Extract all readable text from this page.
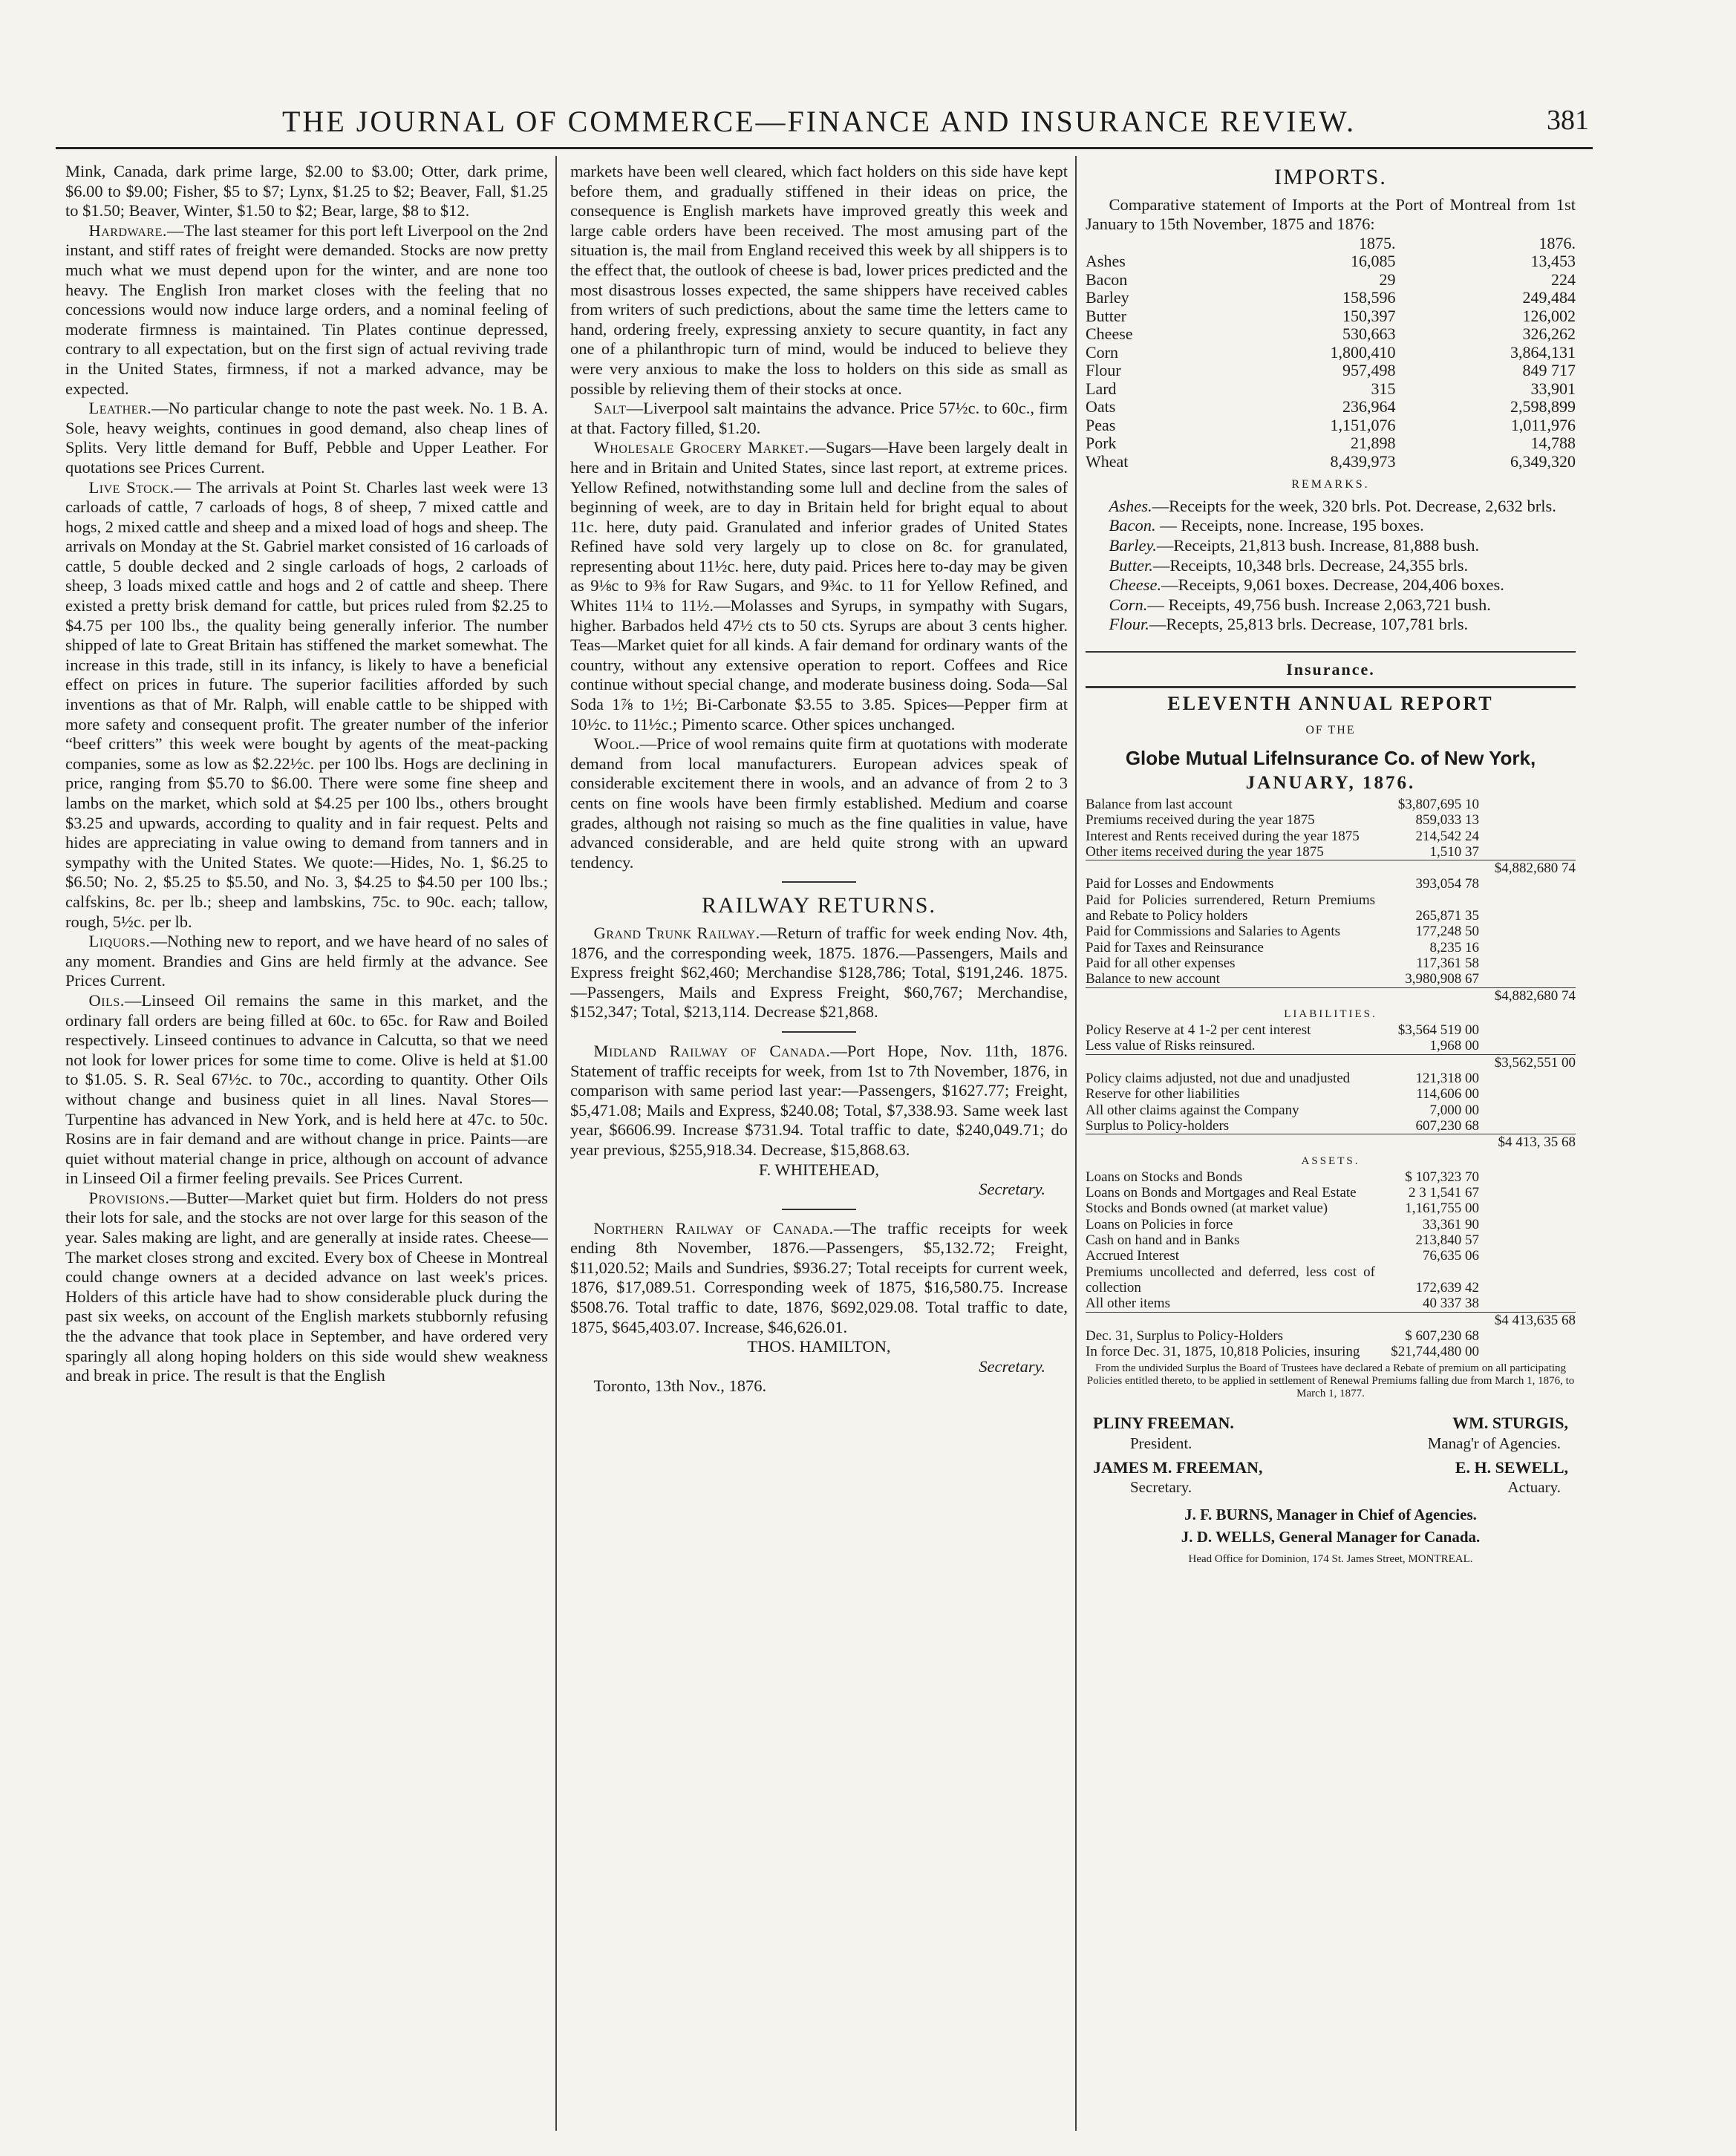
THE JOURNAL OF COMMERCE—FINANCE AND INSURANCE REVIEW.	381

Mink, Canada, dark prime large, $2.00 to $3.00; Otter, dark prime, $6.00 to $9.00; Fisher, $5 to $7; Lynx, $1.25 to $2; Beaver, Fall, $1.25 to $1.50; Beaver, Winter, $1.50 to $2; Bear, large, $8 to $12.

Hardware.—The last steamer for this port left Liverpool on the 2nd instant, and stiff rates of freight were demanded. Stocks are now pretty much what we must depend upon for the winter, and are none too heavy. The English Iron market closes with the feeling that no concessions would now induce large orders, and a nominal feeling of moderate firmness is maintained. Tin Plates continue depressed, contrary to all expectation, but on the first sign of actual reviving trade in the United States, firmness, if not a marked advance, may be expected.

Leather.—No particular change to note the past week. No. 1 B. A. Sole, heavy weights, continues in good demand, also cheap lines of Splits. Very little demand for Buff, Pebble and Upper Leather. For quotations see Prices Current.

Live Stock.— The arrivals at Point St. Charles last week were 13 carloads of cattle, 7 carloads of hogs, 8 of sheep, 7 mixed cattle and hogs, 2 mixed cattle and sheep and a mixed load of hogs and sheep. The arrivals on Monday at the St. Gabriel market consisted of 16 carloads of cattle, 5 double decked and 2 single carloads of hogs, 2 carloads of sheep, 3 loads mixed cattle and hogs and 2 of cattle and sheep. There existed a pretty brisk demand for cattle, but prices ruled from $2.25 to $4.75 per 100 lbs., the quality being generally inferior. The number shipped of late to Great Britain has stiffened the market somewhat. The increase in this trade, still in its infancy, is likely to have a beneficial effect on prices in future. The superior facilities afforded by such inventions as that of Mr. Ralph, will enable cattle to be shipped with more safety and consequent profit. The greater number of the inferior “beef critters” this week were bought by agents of the meat-packing companies, some as low as $2.22½c. per 100 lbs. Hogs are declining in price, ranging from $5.70 to $6.00. There were some fine sheep and lambs on the market, which sold at $4.25 per 100 lbs., others brought $3.25 and upwards, according to quality and in fair request. Pelts and hides are appreciating in value owing to demand from tanners and in sympathy with the United States. We quote:—Hides, No. 1, $6.25 to $6.50; No. 2, $5.25 to $5.50, and No. 3, $4.25 to $4.50 per 100 lbs.; calfskins, 8c. per lb.; sheep and lambskins, 75c. to 90c. each; tallow, rough, 5½c. per lb.

Liquors.—Nothing new to report, and we have heard of no sales of any moment. Brandies and Gins are held firmly at the advance. See Prices Current.

Oils.—Linseed Oil remains the same in this market, and the ordinary fall orders are being filled at 60c. to 65c. for Raw and Boiled respectively. Linseed continues to advance in Calcutta, so that we need not look for lower prices for some time to come. Olive is held at $1.00 to $1.05. S. R. Seal 67½c. to 70c., according to quantity. Other Oils without change and business quiet in all lines. Naval Stores—Turpentine has advanced in New York, and is held here at 47c. to 50c. Rosins are in fair demand and are without change in price. Paints—are quiet without material change in price, although on account of advance in Linseed Oil a firmer feeling prevails. See Prices Current.

Provisions.—Butter—Market quiet but firm. Holders do not press their lots for sale, and the stocks are not over large for this season of the year. Sales making are light, and are generally at inside rates. Cheese—The market closes strong and excited. Every box of Cheese in Montreal could change owners at a decided advance on last week's prices. Holders of this article have had to show considerable pluck during the past six weeks, on account of the English markets stubbornly refusing the the advance that took place in September, and have ordered very sparingly all along hoping holders on this side would shew weakness and break in price. The result is that the English

markets have been well cleared, which fact holders on this side have kept before them, and gradually stiffened in their ideas on price, the consequence is English markets have improved greatly this week and large cable orders have been received. The most amusing part of the situation is, the mail from England received this week by all shippers is to the effect that, the outlook of cheese is bad, lower prices predicted and the most disastrous losses expected, the same shippers have received cables from writers of such predictions, about the same time the letters came to hand, ordering freely, expressing anxiety to secure quantity, in fact any one of a philanthropic turn of mind, would be induced to believe they were very anxious to make the loss to holders on this side as small as possible by relieving them of their stocks at once.

Salt—Liverpool salt maintains the advance. Price 57½c. to 60c., firm at that. Factory filled, $1.20.

Wholesale Grocery Market.—Sugars—Have been largely dealt in here and in Britain and United States, since last report, at extreme prices. Yellow Refined, notwithstanding some lull and decline from the sales of beginning of week, are to day in Britain held for bright equal to about 11c. here, duty paid. Granulated and inferior grades of United States Refined have sold very largely up to close on 8c. for granulated, representing about 11½c. here, duty paid. Prices here to-day may be given as 9⅛c to 9⅜ for Raw Sugars, and 9¾c. to 11 for Yellow Refined, and Whites 11¼ to 11½.—Molasses and Syrups, in sympathy with Sugars, higher. Barbados held 47½ cts to 50 cts. Syrups are about 3 cents higher. Teas—Market quiet for all kinds. A fair demand for ordinary wants of the country, without any extensive operation to report. Coffees and Rice continue without special change, and moderate business doing. Soda—Sal Soda 1⅞ to 1½; Bi-Carbonate $3.55 to 3.85. Spices—Pepper firm at 10½c. to 11½c.; Pimento scarce. Other spices unchanged.

Wool.—Price of wool remains quite firm at quotations with moderate demand from local manufacturers. European advices speak of considerable excitement there in wools, and an advance of from 2 to 3 cents on fine wools have been firmly established. Medium and coarse grades, although not raising so much as the fine qualities in value, have advanced considerable, and are held quite strong with an upward tendency.

RAILWAY RETURNS.

Grand Trunk Railway.—Return of traffic for week ending Nov. 4th, 1876, and the corresponding week, 1875. 1876.—Passengers, Mails and Express freight $62,460; Merchandise $128,786; Total, $191,246. 1875.—Passengers, Mails and Express Freight, $60,767; Merchandise, $152,347; Total, $213,114. Decrease $21,868.

Midland Railway of Canada.—Port Hope, Nov. 11th, 1876. Statement of traffic receipts for week, from 1st to 7th November, 1876, in comparison with same period last year:—Passengers, $1627.77; Freight, $5,471.08; Mails and Express, $240.08; Total, $7,338.93. Same week last year, $6606.99. Increase $731.94. Total traffic to date, $240,049.71; do year previous, $255,918.34. Decrease, $15,868.63.

F. WHITEHEAD,

Secretary.

Northern Railway of Canada.—The traffic receipts for week ending 8th November, 1876.—Passengers, $5,132.72; Freight, $11,020.52; Mails and Sundries, $936.27; Total receipts for current week, 1876, $17,089.51. Corresponding week of 1875, $16,580.75. Increase $508.76. Total traffic to date, 1876, $692,029.08. Total traffic to date, 1875, $645,403.07. Increase, $46,626.01.

THOS. HAMILTON,

Secretary.

Toronto, 13th Nov., 1876.

IMPORTS.

Comparative statement of Imports at the Port of Montreal from 1st January to 15th November, 1875 and 1876:

	1875.	1876.
Ashes	16,085	13,453
Bacon	29	224
Barley	158,596	249,484
Butter	150,397	126,002
Cheese	530,663	326,262
Corn	1,800,410	3,864,131
Flour	957,498	849 717
Lard	315	33,901
Oats	236,964	2,598,899
Peas	1,151,076	1,011,976
Pork	21,898	14,788
Wheat	8,439,973	6,349,320
REMARKS.

Ashes.—Receipts for the week, 320 brls. Pot. Decrease, 2,632 brls.

Bacon. — Receipts, none. Increase, 195 boxes.

Barley.—Receipts, 21,813 bush. Increase, 81,888 bush.

Butter.—Receipts, 10,348 brls. Decrease, 24,355 brls.

Cheese.—Receipts, 9,061 boxes. Decrease, 204,406 boxes.

Corn.— Receipts, 49,756 bush. Increase 2,063,721 bush.

Flour.—Recepts, 25,813 brls. Decrease, 107,781 brls.

Insurance.
ELEVENTH ANNUAL REPORT
OF THE
Globe Mutual LifeInsurance Co. of New York,
JANUARY, 1876.
Balance from last account	$3,807,695 10	
Premiums received during the year 1875	859,033 13	
Interest and Rents received during the year 1875	214,542 24	
Other items received during the year 1875	1,510 37	
		$4,882,680 74
Paid for Losses and Endowments	393,054 78	
Paid for Policies surrendered, Return Premiums and Rebate to Policy holders	265,871 35	
Paid for Commissions and Salaries to Agents	177,248 50	
Paid for Taxes and Reinsurance	8,235 16	
Paid for all other expenses	117,361 58	
Balance to new account	3,980,908 67	
		$4,882,680 74
LIABILITIES.		
Policy Reserve at 4 1-2 per cent interest	$3,564 519 00	
Less value of Risks reinsured.	1,968 00	
		$3,562,551 00
Policy claims adjusted, not due and unadjusted	121,318 00	
Reserve for other liabilities	114,606 00	
All other claims against the Company	7,000 00	
Surplus to Policy-holders	607,230 68	
		$4 413, 35 68
ASSETS.		
Loans on Stocks and Bonds	$ 107,323 70	
Loans on Bonds and Mortgages and Real Estate	2 3 1,541 67	
Stocks and Bonds owned (at market value)	1,161,755 00	
Loans on Policies in force	33,361 90	
Cash on hand and in Banks	213,840 57	
Accrued Interest	76,635 06	
Premiums uncollected and deferred, less cost of collection	172,639 42	
All other items	40 337 38	
		$4 413,635 68
Dec. 31, Surplus to Policy-Holders	$ 607,230 68	
In force Dec. 31, 1875, 10,818 Policies, insuring	$21,744,480 00	
From the undivided Surplus the Board of Trustees have declared a Rebate of premium on all participating Policies entitled thereto, to be applied in settlement of Renewal Premiums falling due from March 1, 1876, to March 1, 1877.
PLINY FREEMAN.	WM. STURGIS,
President.	Manag'r of Agencies.
JAMES M. FREEMAN,	E. H. SEWELL,
Secretary.	Actuary.
J. F. BURNS, Manager in Chief of Agencies.
J. D. WELLS, General Manager for Canada.
Head Office for Dominion, 174 St. James Street, MONTREAL.
